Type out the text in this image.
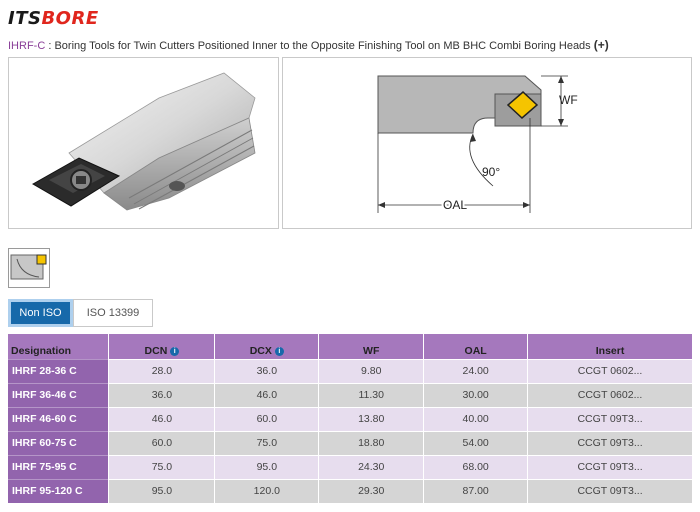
ITSBORE
IHRF-C : Boring Tools for Twin Cutters Positioned Inner to the Opposite Finishing Tool on MB BHC Combi Boring Heads (+)
WF
90°
OAL
Non ISO	ISO 13399
Designation	DCN i	DCX i	WF	OAL	Insert
IHRF 28-36 C	28.0	36.0	9.80	24.00	CCGT 0602...
IHRF 36-46 C	36.0	46.0	11.30	30.00	CCGT 0602...
IHRF 46-60 C	46.0	60.0	13.80	40.00	CCGT 09T3...
IHRF 60-75 C	60.0	75.0	18.80	54.00	CCGT 09T3...
IHRF 75-95 C	75.0	95.0	24.30	68.00	CCGT 09T3...
IHRF 95-120 C	95.0	120.0	29.30	87.00	CCGT 09T3...
